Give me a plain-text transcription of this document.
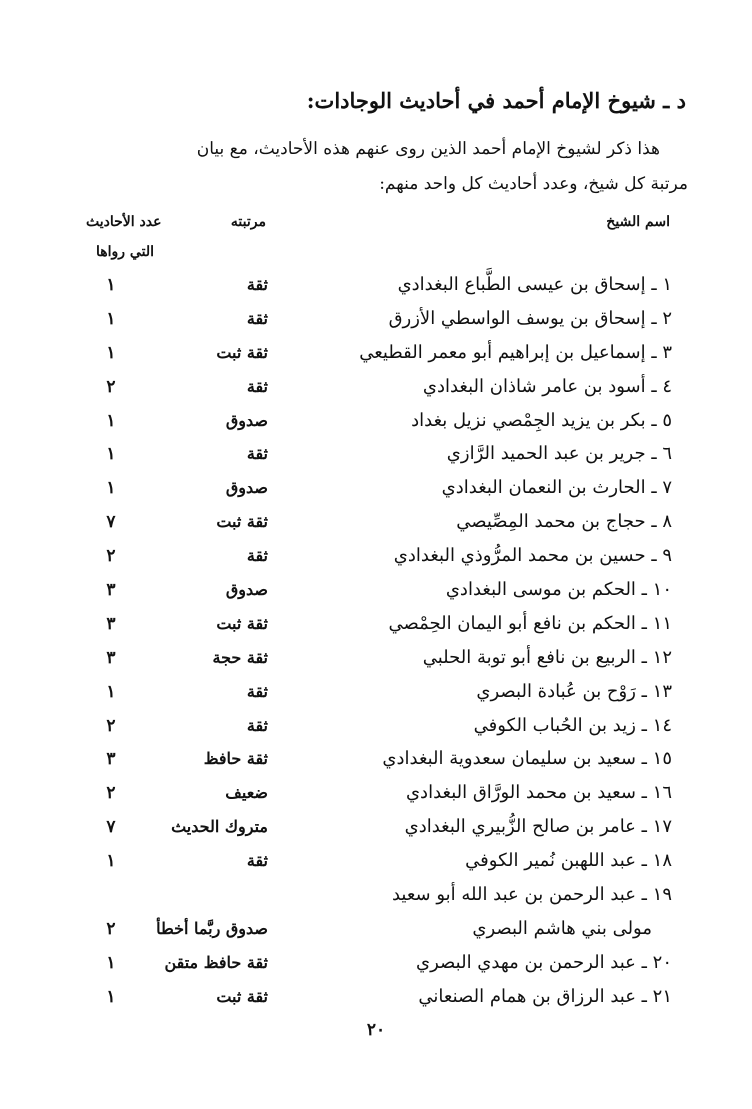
د ـ شيوخ الإمام أحمد في أحاديث الوجادات:
هذا ذكر لشيوخ الإمام أحمد الذين روى عنهم هذه الأحاديث، مع بيان
مرتبة كل شيخ، وعدد أحاديث كل واحد منهم:
اسم الشيخ
مرتبته
عدد الأحاديث
التي رواها
١ ـ إسحاق بن عيسى الطَّباع البغدادي
ثقة
١
٢ ـ إسحاق بن يوسف الواسطي الأزرق
ثقة
١
٣ ـ إسماعيل بن إبراهيم أبو معمر القطيعي
ثقة ثبت
١
٤ ـ أسود بن عامر شاذان البغدادي
ثقة
٢
٥ ـ بكر بن يزيد الجِمْصي نزيل بغداد
صدوق
١
٦ ـ جرير بن عبد الحميد الرَّازي
ثقة
١
٧ ـ الحارث بن النعمان البغدادي
صدوق
١
٨ ـ حجاج بن محمد المِصِّيصي
ثقة ثبت
٧
٩ ـ حسين بن محمد المرُّوذي البغدادي
ثقة
٢
١٠ ـ الحكم بن موسى البغدادي
صدوق
٣
١١ ـ الحكم بن نافع أبو اليمان الحِمْصي
ثقة ثبت
٣
١٢ ـ الربيع بن نافع أبو توبة الحلبي
ثقة حجة
٣
١٣ ـ رَوْح بن عُبادة البصري
ثقة
١
١٤ ـ زيد بن الحُباب الكوفي
ثقة
٢
١٥ ـ سعيد بن سليمان سعدوية البغدادي
ثقة حافظ
٣
١٦ ـ سعيد بن محمد الورَّاق البغدادي
ضعيف
٢
١٧ ـ عامر بن صالح الزُّبيري البغدادي
متروك الحديث
٧
١٨ ـ عبد اللهبن نُمير الكوفي
ثقة
١
١٩ ـ عبد الرحمن بن عبد الله أبو سعيد
مولى بني هاشم البصري
صدوق ربَّما أخطأ
٢
٢٠ ـ عبد الرحمن بن مهدي البصري
ثقة حافظ متقن
١
٢١ ـ عبد الرزاق بن همام الصنعاني
ثقة ثبت
١
٢٠
